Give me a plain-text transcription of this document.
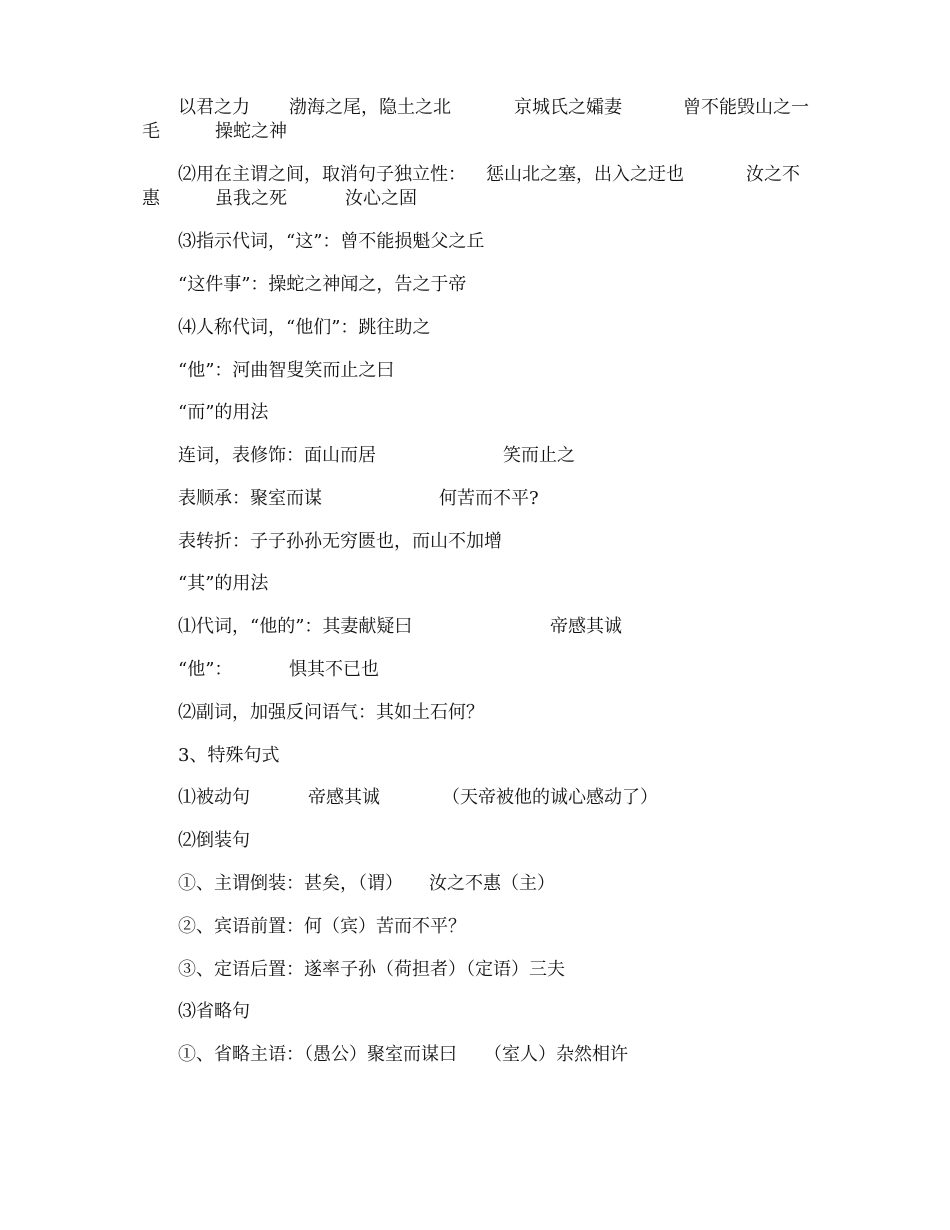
以君之力 渤海之尾，隐土之北	京城氏之孀妻	曾不能毁山之一
毛	操蛇之神
⑵用在主谓之间，取消句子独立性： 惩山北之塞，出入之迂也	汝之不
惠	虽我之死	汝心之固
⑶指示代词，“这”：曾不能损魁父之丘
“这件事”：操蛇之神闻之，告之于帝
⑷人称代词，“他们”：跳往助之
“他”：河曲智叟笑而止之曰
“而”的用法
连词，表修饰：面山而居	笑而止之
表顺承：聚室而谋	何苦而不平?
表转折：子子孙孙无穷匮也，而山不加增
“其”的用法
⑴代词，“他的”：其妻献疑曰	帝感其诚
“他”：	惧其不已也
⑵副词，加强反问语气：其如土石何？
3、特殊句式
⑴被动句	帝感其诚	（天帝被他的诚心感动了）
⑵倒装句
①、主谓倒装：甚矣，（谓） 汝之不惠（主）
②、宾语前置：何（宾）苦而不平？
③、定语后置：遂率子孙（荷担者）（定语）三夫
⑶省略句
①、省略主语：（愚公）聚室而谋曰 （室人）杂然相许
